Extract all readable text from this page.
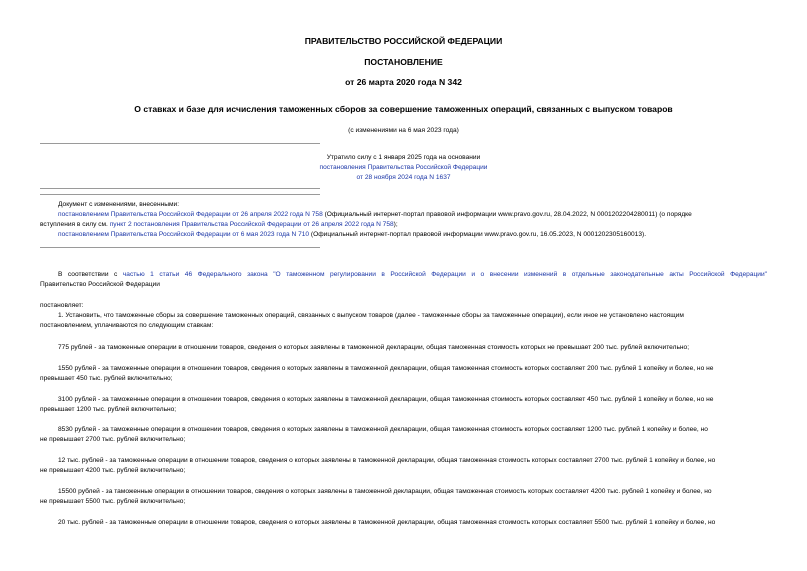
ПРАВИТЕЛЬСТВО РОССИЙСКОЙ ФЕДЕРАЦИИ
ПОСТАНОВЛЕНИЕ
от 26 марта 2020 года N 342
О ставках и базе для исчисления таможенных сборов за совершение таможенных операций, связанных с выпуском товаров
(с изменениями на 6 мая 2023 года)
Утратило силу с 1 января 2025 года на основании
постановления Правительства Российской Федерации
от 28 ноября 2024 года N 1637
Документ с изменениями, внесенными:
постановлением Правительства Российской Федерации от 26 апреля 2022 года N 758 (Официальный интернет-портал правовой информации www.pravo.gov.ru, 28.04.2022, N 0001202204280011) (о порядке
вступления в силу см. пункт 2 постановления Правительства Российской Федерации от 26 апреля 2022 года N 758);
постановлением Правительства Российской Федерации от 6 мая 2023 года N 710 (Официальный интернет-портал правовой информации www.pravo.gov.ru, 16.05.2023, N 0001202305160013).
В соответствии с частью 1 статьи 46 Федерального закона "О таможенном регулировании в Российской Федерации и о внесении изменений в отдельные законодательные акты Российской Федерации"
Правительство Российской Федерации
постановляет:
1. Установить, что таможенные сборы за совершение таможенных операций, связанных с выпуском товаров (далее - таможенные сборы за таможенные операции), если иное не установлено настоящим
постановлением, уплачиваются по следующим ставкам:
775 рублей - за таможенные операции в отношении товаров, сведения о которых заявлены в таможенной декларации, общая таможенная стоимость которых не превышает 200 тыс. рублей включительно;
1550 рублей - за таможенные операции в отношении товаров, сведения о которых заявлены в таможенной декларации, общая таможенная стоимость которых составляет 200 тыс. рублей 1 копейку и более, но не
превышает 450 тыс. рублей включительно;
3100 рублей - за таможенные операции в отношении товаров, сведения о которых заявлены в таможенной декларации, общая таможенная стоимость которых составляет 450 тыс. рублей 1 копейку и более, но не
превышает 1200 тыс. рублей включительно;
8530 рублей - за таможенные операции в отношении товаров, сведения о которых заявлены в таможенной декларации, общая таможенная стоимость которых составляет 1200 тыс. рублей 1 копейку и более, но
не превышает 2700 тыс. рублей включительно;
12 тыс. рублей - за таможенные операции в отношении товаров, сведения о которых заявлены в таможенной декларации, общая таможенная стоимость которых составляет 2700 тыс. рублей 1 копейку и более, но
не превышает 4200 тыс. рублей включительно;
15500 рублей - за таможенные операции в отношении товаров, сведения о которых заявлены в таможенной декларации, общая таможенная стоимость которых составляет 4200 тыс. рублей 1 копейку и более, но
не превышает 5500 тыс. рублей включительно;
20 тыс. рублей - за таможенные операции в отношении товаров, сведения о которых заявлены в таможенной декларации, общая таможенная стоимость которых составляет 5500 тыс. рублей 1 копейку и более, но
